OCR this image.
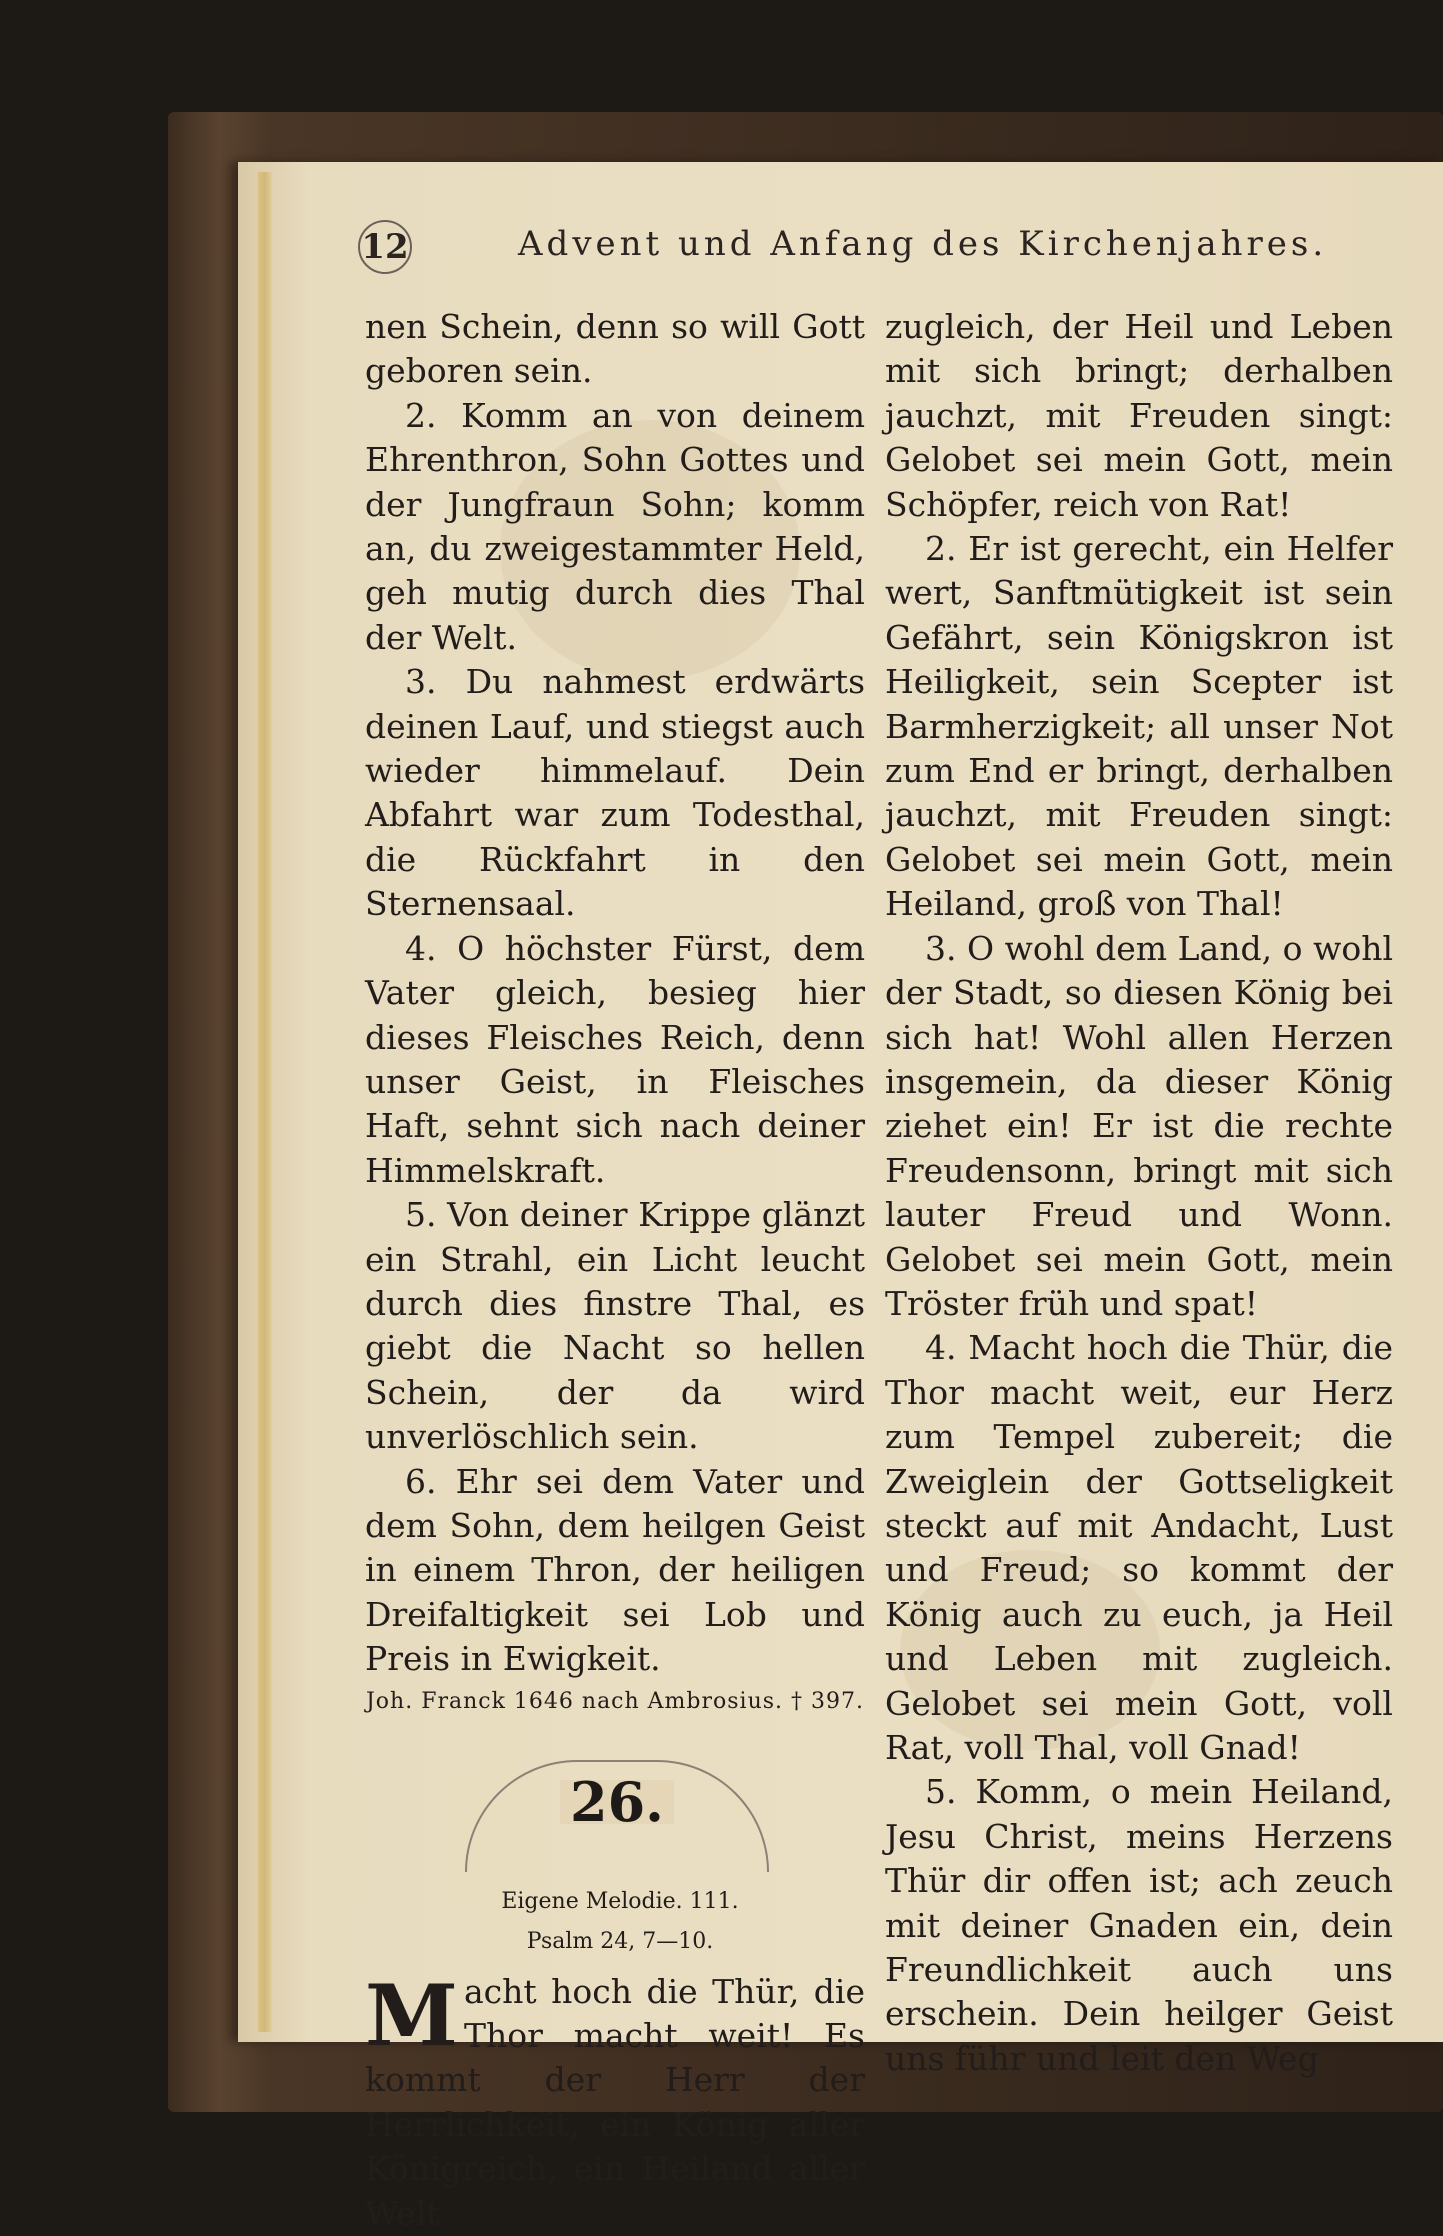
12	Advent und Anfang des Kirchenjahres.

nen Schein, denn so will Gott geboren sein.

2. Komm an von deinem Ehrenthron, Sohn Gottes und der Jungfraun Sohn; komm an, du zweigestammter Held, geh mutig durch dies Thal der Welt.

3. Du nahmest erdwärts deinen Lauf, und stiegst auch wieder himmelauf. Dein Abfahrt war zum Todesthal, die Rückfahrt in den Sternensaal.

4. O höchster Fürst, dem Vater gleich, besieg hier dieses Fleisches Reich, denn unser Geist, in Fleisches Haft, sehnt sich nach deiner Himmelskraft.

5. Von deiner Krippe glänzt ein Strahl, ein Licht leucht durch dies finstre Thal, es giebt die Nacht so hellen Schein, der da wird unverlöschlich sein.

6. Ehr sei dem Vater und dem Sohn, dem heilgen Geist in einem Thron, der heiligen Dreifaltigkeit sei Lob und Preis in Ewigkeit.

Joh. Franck 1646 nach Ambrosius. † 397.

26.
Eigene Melodie. 111.
Psalm 24, 7—10.

Macht hoch die Thür, die Thor macht weit! Es kommt der Herr der Herrlichkeit, ein König aller Königreich, ein Heiland aller Welt

zugleich, der Heil und Leben mit sich bringt; derhalben jauchzt, mit Freuden singt: Gelobet sei mein Gott, mein Schöpfer, reich von Rat!

2. Er ist gerecht, ein Helfer wert, Sanftmütigkeit ist sein Gefährt, sein Königskron ist Heiligkeit, sein Scepter ist Barmherzigkeit; all unser Not zum End er bringt, derhalben jauchzt, mit Freuden singt: Gelobet sei mein Gott, mein Heiland, groß von Thal!

3. O wohl dem Land, o wohl der Stadt, so diesen König bei sich hat! Wohl allen Herzen insgemein, da dieser König ziehet ein! Er ist die rechte Freudensonn, bringt mit sich lauter Freud und Wonn. Gelobet sei mein Gott, mein Tröster früh und spat!

4. Macht hoch die Thür, die Thor macht weit, eur Herz zum Tempel zubereit; die Zweiglein der Gottseligkeit steckt auf mit Andacht, Lust und Freud; so kommt der König auch zu euch, ja Heil und Leben mit zugleich. Gelobet sei mein Gott, voll Rat, voll Thal, voll Gnad!

5. Komm, o mein Heiland, Jesu Christ, meins Herzens Thür dir offen ist; ach zeuch mit deiner Gnaden ein, dein Freundlichkeit auch uns erschein. Dein heilger Geist uns führ und leit den Weg
